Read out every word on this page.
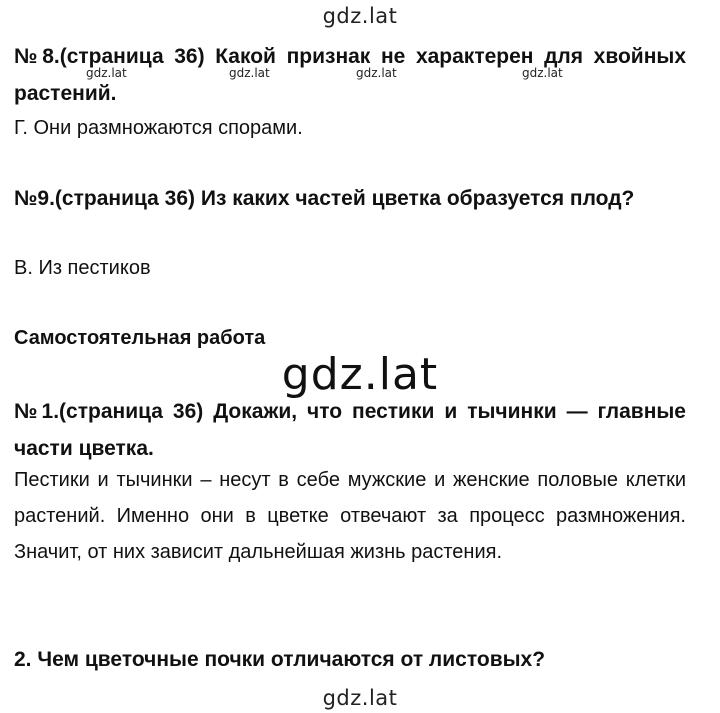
gdz.lat
№8.(страница 36) Какой признак не характерен для хвойных растений.
gdz.lat	gdz.lat	gdz.lat	gdz.lat
Г. Они размножаются спорами.
№9.(страница 36) Из каких частей цветка образуется плод?
В. Из пестиков
Самостоятельная работа
gdz.lat
№1.(страница 36) Докажи, что пестики и тычинки — главные части цветка.
Пестики и тычинки – несут в себе мужские и женские половые клетки растений. Именно они в цветке отвечают за процесс размножения. Значит, от них зависит дальнейшая жизнь растения.
2. Чем цветочные почки отличаются от листовых?
gdz.lat
